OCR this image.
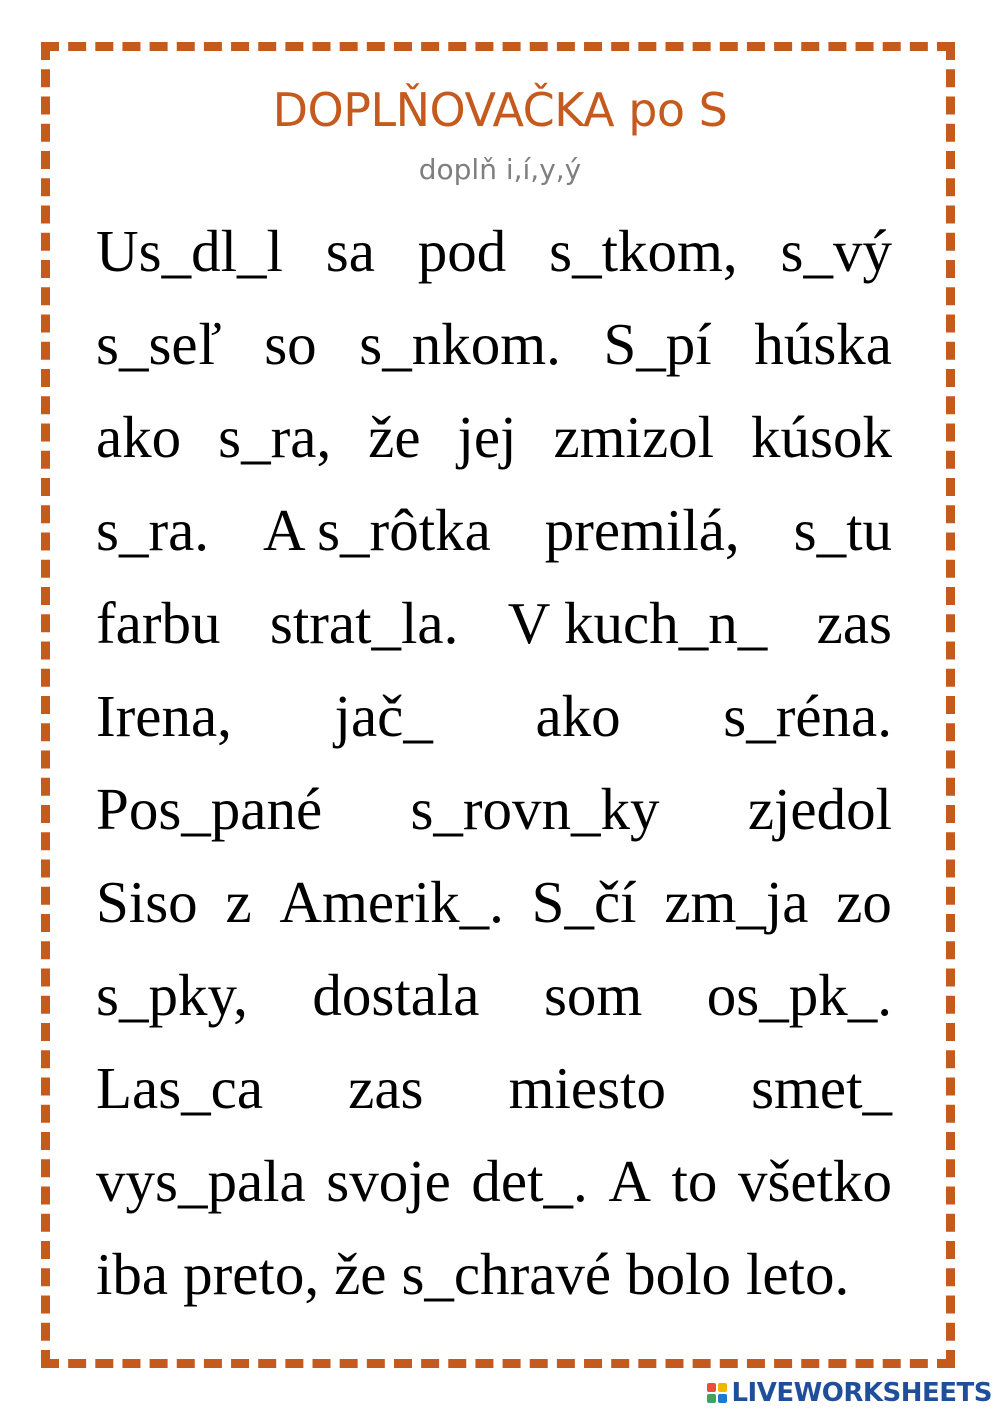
DOPLŇOVAČKA po S
doplň i,í,y,ý
Us_dl_l sa pod s_tkom, s_vý
s_seľ so s_nkom. S_pí húska
ako s_ra, že jej zmizol kúsok
s_ra. A s_rôtka premilá, s_tu
farbu strat_la. V kuch_n_ zas
Irena, jač_ ako s_réna.
Pos_pané s_rovn_ky zjedol
Siso z Amerik_. S_čí zm_ja zo
s_pky, dostala som os_pk_.
Las_ca zas miesto smet_
vys_pala svoje det_. A to všetko
iba preto, že s_chravé bolo leto.
LIVEWORKSHEETS
